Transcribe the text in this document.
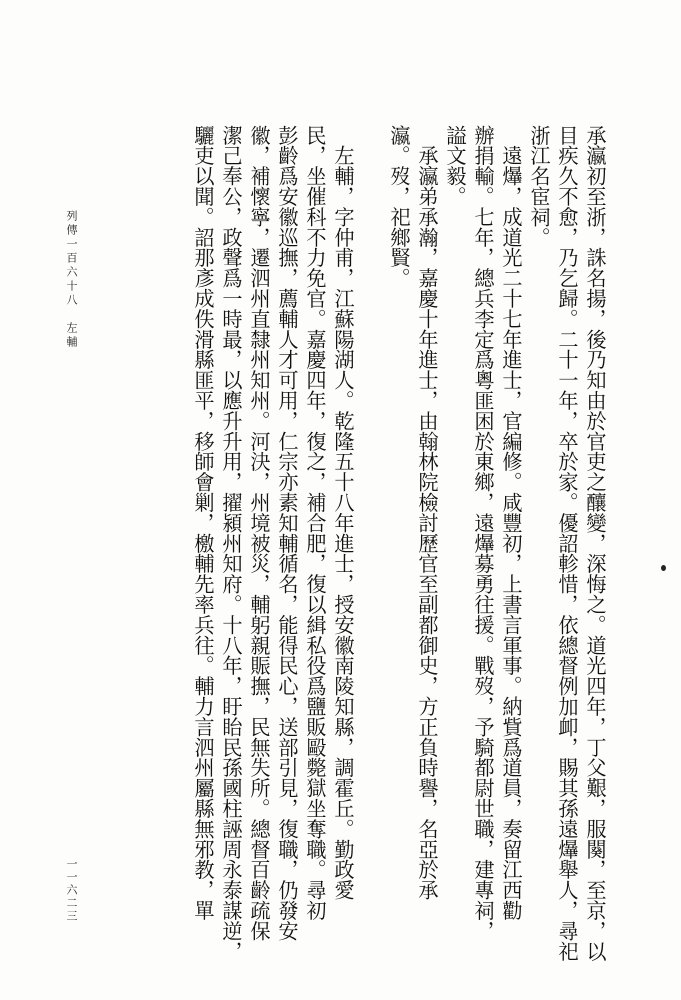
承瀛初至浙，誅名揚，後乃知由於官吏之釀變，深悔之。道光四年，丁父艱，服闋，至京，以
目疾久不愈，乃乞歸。二十一年，卒於家。優詔軫惜，依總督例加卹，賜其孫遠爗舉人，尋祀
浙江名宦祠。
　遠爗，成道光二十七年進士，官編修。咸豐初，上書言軍事。納貲爲道員，奏留江西勸
辦捐輸。七年，總兵李定爲粵匪困於東鄉，遠爗募勇往援。戰歿，予騎都尉世職，建專祠，
謚文毅。
　承瀛弟承瀚，嘉慶十年進士，由翰林院檢討歷官至副都御史，方正負時譽，名亞於承
瀛。歿，祀鄉賢。
　左輔，字仲甫，江蘇陽湖人。乾隆五十八年進士，授安徽南陵知縣，調霍丘。勤政愛
民，坐催科不力免官。嘉慶四年，復之，補合肥，復以緝私役爲鹽販毆斃獄坐奪職。尋初
彭齡爲安徽巡撫，薦輔人才可用，仁宗亦素知輔循名，能得民心，送部引見，復職，仍發安
徽，補懷寧，遷泗州直隸州知州。河決，州境被災，輔躬親賑撫，民無失所。總督百齡疏保
潔己奉公，政聲爲一時最，以應升升用，擢潁州知府。十八年，盱眙民孫國柱誣周永泰謀逆，
驪吏以聞。詔那彥成佚滑縣匪平，移師會剿，檄輔先率兵往。輔力言泗州屬縣無邪教，單
列傳一百六十八　左輔
一一六二三
